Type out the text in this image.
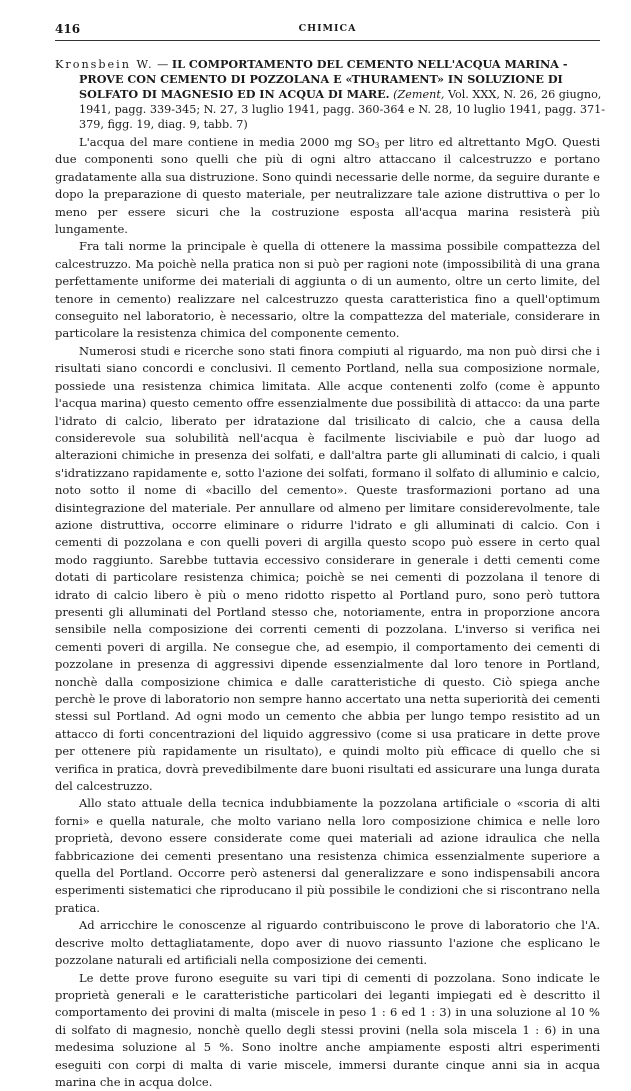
416	CHIMICA
Kronsbein W. — IL COMPORTAMENTO DEL CEMENTO NELL'ACQUA MARINA -
PROVE CON CEMENTO DI POZZOLANA E «THURAMENT» IN SOLUZIONE DI
SOLFATO DI MAGNESIO ED IN ACQUA DI MARE. (Zement, Vol. XXX, N. 26, 26 giugno,
1941, pagg. 339-345; N. 27, 3 luglio 1941, pagg. 360-364 e N. 28, 10 luglio 1941, pagg. 371-
379, figg. 19, diag. 9, tabb. 7)

L'acqua del mare contiene in media 2000 mg $SO_3$ per litro ed altrettanto MgO. Questi due componenti sono quelli che più di ogni altro attaccano il calcestruzzo e portano gradatamente alla sua distruzione. Sono quindi necessarie delle norme, da seguire durante e dopo la preparazione di questo materiale, per neutralizzare tale azione distruttiva o per lo meno per essere sicuri che la costruzione esposta all'acqua marina resisterà più lungamente.

Fra tali norme la principale è quella di ottenere la massima possibile compattezza del calcestruzzo. Ma poichè nella pratica non si può per ragioni note (impossibilità di una grana perfettamente uniforme dei materiali di aggiunta o di un aumento, oltre un certo limite, del tenore in cemento) realizzare nel calcestruzzo questa caratteristica fino a quell'optimum conseguito nel laboratorio, è necessario, oltre la compattezza del materiale, considerare in particolare la resistenza chimica del componente cemento.

Numerosi studi e ricerche sono stati finora compiuti al riguardo, ma non può dirsi che i risultati siano concordi e conclusivi. Il cemento Portland, nella sua composizione normale, possiede una resistenza chimica limitata. Alle acque contenenti zolfo (come è appunto l'acqua marina) questo cemento offre essenzialmente due possibilità di attacco: da una parte l'idrato di calcio, liberato per idratazione dal trisilicato di calcio, che a causa della considerevole sua solubilità nell'acqua è facilmente lisciviabile e può dar luogo ad alterazioni chimiche in presenza dei solfati, e dall'altra parte gli alluminati di calcio, i quali s'idratizzano rapidamente e, sotto l'azione dei solfati, formano il solfato di alluminio e calcio, noto sotto il nome di «bacillo del cemento». Queste trasformazioni portano ad una disintegrazione del materiale. Per annullare od almeno per limitare considerevolmente, tale azione distruttiva, occorre eliminare o ridurre l'idrato e gli alluminati di calcio. Con i cementi di pozzolana e con quelli poveri di argilla questo scopo può essere in certo qual modo raggiunto. Sarebbe tuttavia eccessivo considerare in generale i detti cementi come dotati di particolare resistenza chimica; poichè se nei cementi di pozzolana il tenore di idrato di calcio libero è più o meno ridotto rispetto al Portland puro, sono però tuttora presenti gli alluminati del Portland stesso che, notoriamente, entra in proporzione ancora sensibile nella composizione dei correnti cementi di pozzolana. L'inverso si verifica nei cementi poveri di argilla. Ne consegue che, ad esempio, il comportamento dei cementi di pozzolane in presenza di aggressivi dipende essenzialmente dal loro tenore in Portland, nonchè dalla composizione chimica e dalle caratteristiche di questo. Ciò spiega anche perchè le prove di laboratorio non sempre hanno accertato una netta superiorità dei cementi stessi sul Portland. Ad ogni modo un cemento che abbia per lungo tempo resistito ad un attacco di forti concentrazioni del liquido aggressivo (come si usa praticare in dette prove per ottenere più rapidamente un risultato), e quindi molto più efficace di quello che si verifica in pratica, dovrà prevedibilmente dare buoni risultati ed assicurare una lunga durata del calcestruzzo.

Allo stato attuale della tecnica indubbiamente la pozzolana artificiale o «scoria di alti forni» e quella naturale, che molto variano nella loro composizione chimica e nelle loro proprietà, devono essere considerate come quei materiali ad azione idraulica che nella fabbricazione dei cementi presentano una resistenza chimica essenzialmente superiore a quella del Portland. Occorre però astenersi dal generalizzare e sono indispensabili ancora esperimenti sistematici che riproducano il più possibile le condizioni che si riscontrano nella pratica.

Ad arricchire le conoscenze al riguardo contribuiscono le prove di laboratorio che l'A. descrive molto dettagliatamente, dopo aver di nuovo riassunto l'azione che esplicano le pozzolane naturali ed artificiali nella composizione dei cementi.

Le dette prove furono eseguite su vari tipi di cementi di pozzolana. Sono indicate le proprietà generali e le caratteristiche particolari dei leganti impiegati ed è descritto il comportamento dei provini di malta (miscele in peso 1 : 6 ed 1 : 3) in una soluzione al 10 % di solfato di magnesio, nonchè quello degli stessi provini (nella sola miscela 1 : 6) in una medesima soluzione al 5 %. Sono inoltre anche ampiamente esposti altri esperimenti eseguiti con corpi di malta di varie miscele, immersi durante cinque anni sia in acqua marina che in acqua dolce.
